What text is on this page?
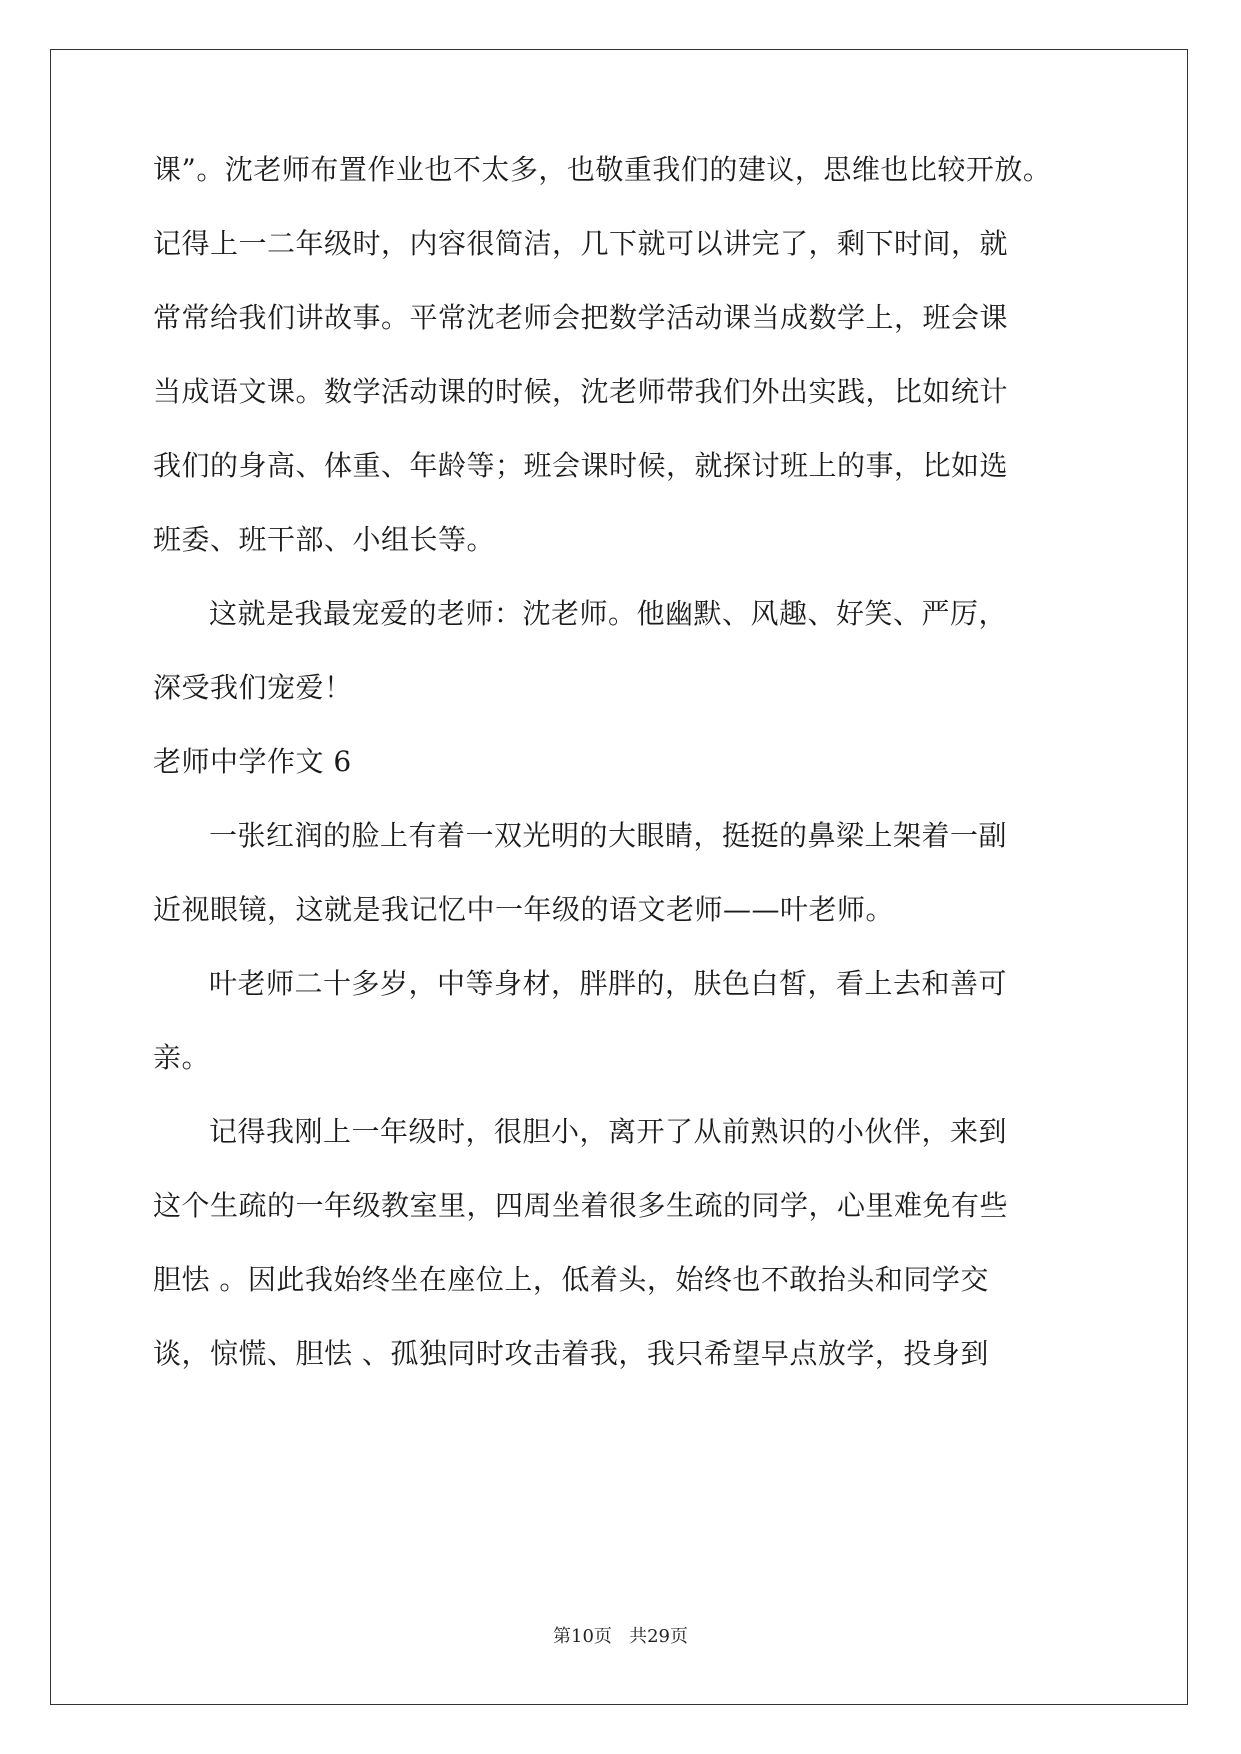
课”。沈老师布置作业也不太多，也敬重我们的建议，思维也比较开放。
记得上一二年级时，内容很简洁，几下就可以讲完了，剩下时间，就
常常给我们讲故事。平常沈老师会把数学活动课当成数学上，班会课
当成语文课。数学活动课的时候，沈老师带我们外出实践，比如统计
我们的身高、体重、年龄等；班会课时候，就探讨班上的事，比如选
班委、班干部、小组长等。
这就是我最宠爱的老师：沈老师。他幽默、风趣、好笑、严厉，
深受我们宠爱！
老师中学作文 6
一张红润的脸上有着一双光明的大眼睛，挺挺的鼻梁上架着一副
近视眼镜，这就是我记忆中一年级的语文老师——叶老师。
叶老师二十多岁，中等身材，胖胖的，肤色白皙，看上去和善可
亲。
记得我刚上一年级时，很胆小，离开了从前熟识的小伙伴，来到
这个生疏的一年级教室里，四周坐着很多生疏的同学，心里难免有些
胆怯 。因此我始终坐在座位上，低着头，始终也不敢抬头和同学交
谈，惊慌、胆怯 、孤独同时攻击着我，我只希望早点放学，投身到
第10页   共29页
